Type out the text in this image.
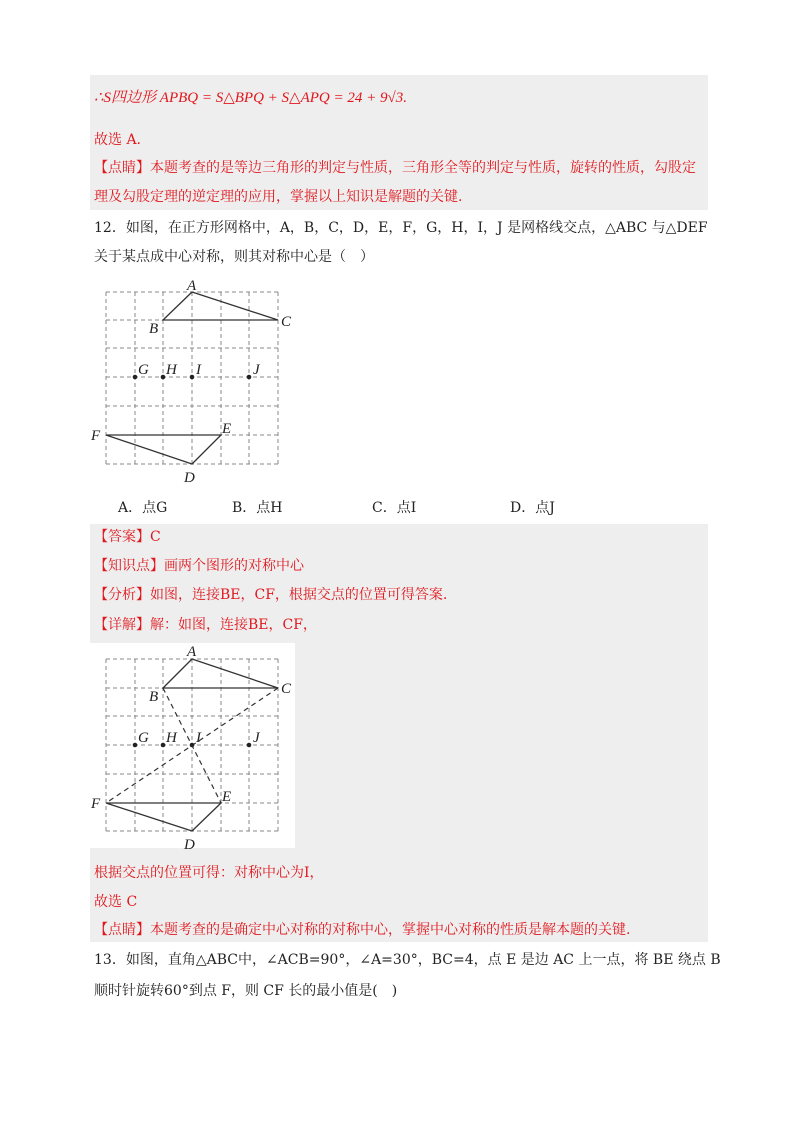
∴S四边形 APBQ = S△BPQ + S△APQ = 24 + 9√3.
故选 A.
【点睛】本题考查的是等边三角形的判定与性质，三角形全等的判定与性质，旋转的性质，勾股定
理及勾股定理的逆定理的应用，掌握以上知识是解题的关键.
12．如图，在正方形网格中，A，B，C，D，E，F，G，H，I，J 是网格线交点，△ABC 与△DEF
关于某点成中心对称，则其对称中心是（　）
A
B	C
D
E
F
G H I	J
A．点G	B．点H	C．点I	D．点J
【答案】C
【知识点】画两个图形的对称中心
【分析】如图，连接BE，CF，根据交点的位置可得答案.
【详解】解：如图，连接BE，CF，
A
B	C
D
E
F
G H I	J
根据交点的位置可得：对称中心为I，
故选 C
【点睛】本题考查的是确定中心对称的对称中心，掌握中心对称的性质是解本题的关键.
13．如图，直角△ABC中，∠ACB=90°，∠A=30°，BC=4，点 E 是边 AC 上一点，将 BE 绕点 B
顺时针旋转60°到点 F，则 CF 长的最小值是(　)
